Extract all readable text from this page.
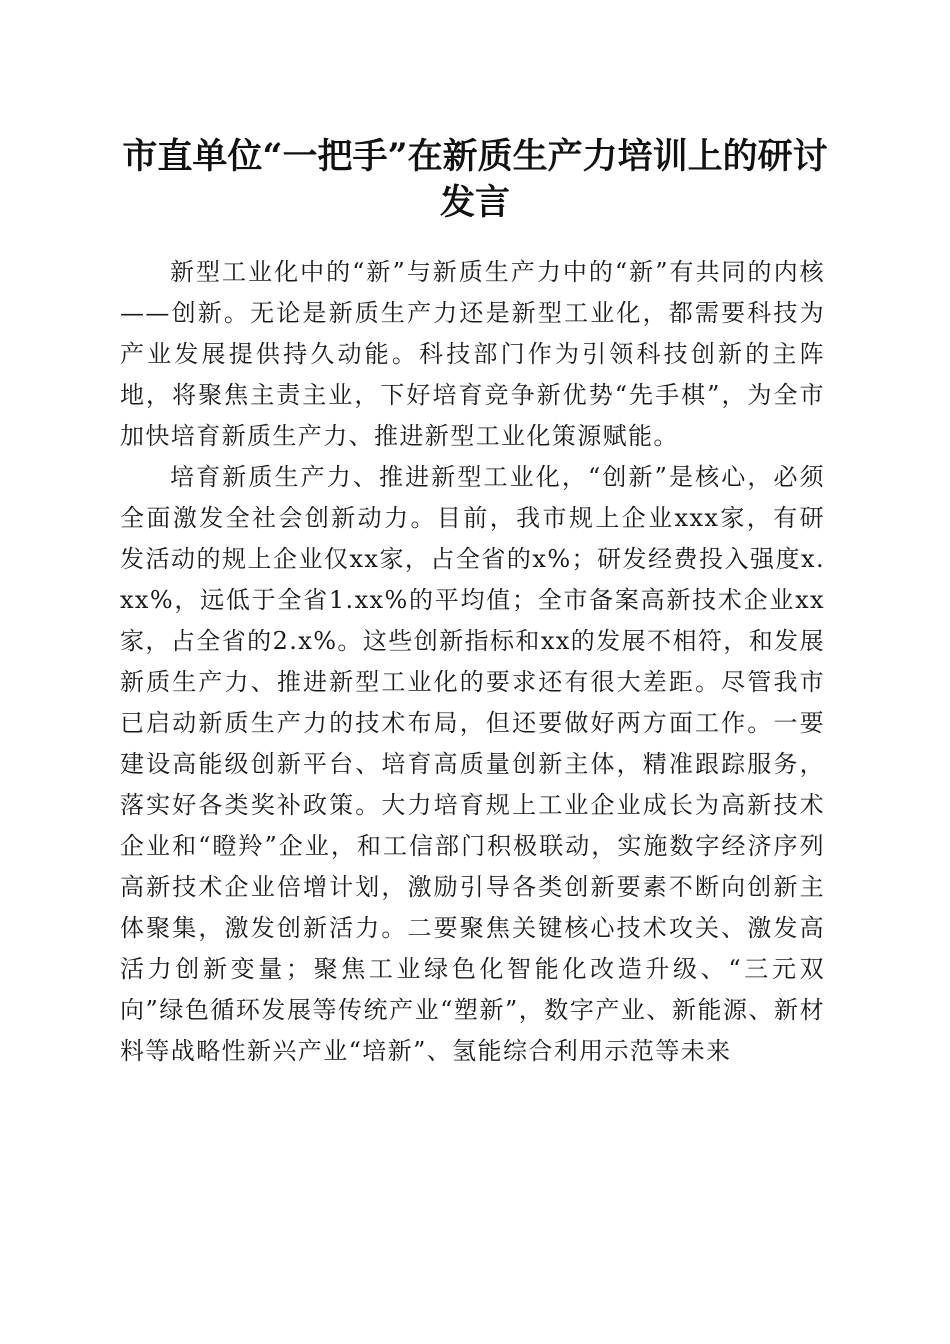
市直单位“一把手”在新质生产力培训上的研讨发言

新型工业化中的“新”与新质生产力中的“新”有共同的内核——创新。无论是新质生产力还是新型工业化，都需要科技为产业发展提供持久动能。科技部门作为引领科技创新的主阵地，将聚焦主责主业，下好培育竞争新优势“先手棋”，为全市加快培育新质生产力、推进新型工业化策源赋能。

培育新质生产力、推进新型工业化，“创新”是核心，必须全面激发全社会创新动力。目前，我市规上企业xxx家，有研发活动的规上企业仅xx家，占全省的x%；研发经费投入强度x.xx%，远低于全省1.xx%的平均值；全市备案高新技术企业xx家，占全省的2.x%。这些创新指标和xx的发展不相符，和发展新质生产力、推进新型工业化的要求还有很大差距。尽管我市已启动新质生产力的技术布局，但还要做好两方面工作。一要建设高能级创新平台、培育高质量创新主体，精准跟踪服务，落实好各类奖补政策。大力培育规上工业企业成长为高新技术企业和“瞪羚”企业，和工信部门积极联动，实施数字经济序列高新技术企业倍增计划，激励引导各类创新要素不断向创新主体聚集，激发创新活力。二要聚焦关键核心技术攻关、激发高活力创新变量；聚焦工业绿色化智能化改造升级、“三元双向”绿色循环发展等传统产业“塑新”，数字产业、新能源、新材料等战略性新兴产业“培新”、氢能综合利用示范等未来
